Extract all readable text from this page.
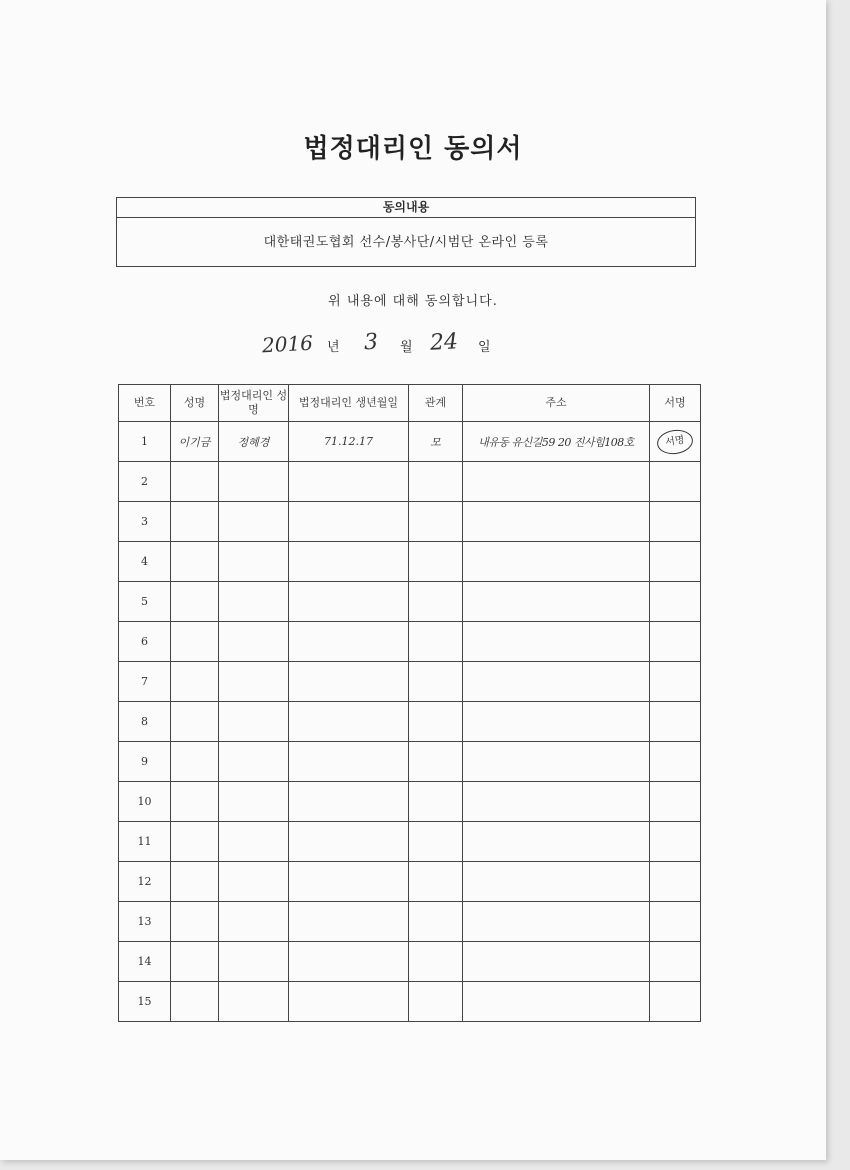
법정대리인 동의서
동의내용
대한태권도협회 선수/봉사단/시범단 온라인 등록
위 내용에 대해 동의합니다.
2016 년 3 월 24 일
번호	성명	법정대리인 성명	법정대리인 생년월일	관계	주소	서명
1	이기금	정혜경	71.12.17	모	내유동 유신길59 20 진사힘108호	서명
2						
3						
4						
5						
6						
7						
8						
9						
10						
11						
12						
13						
14						
15						
